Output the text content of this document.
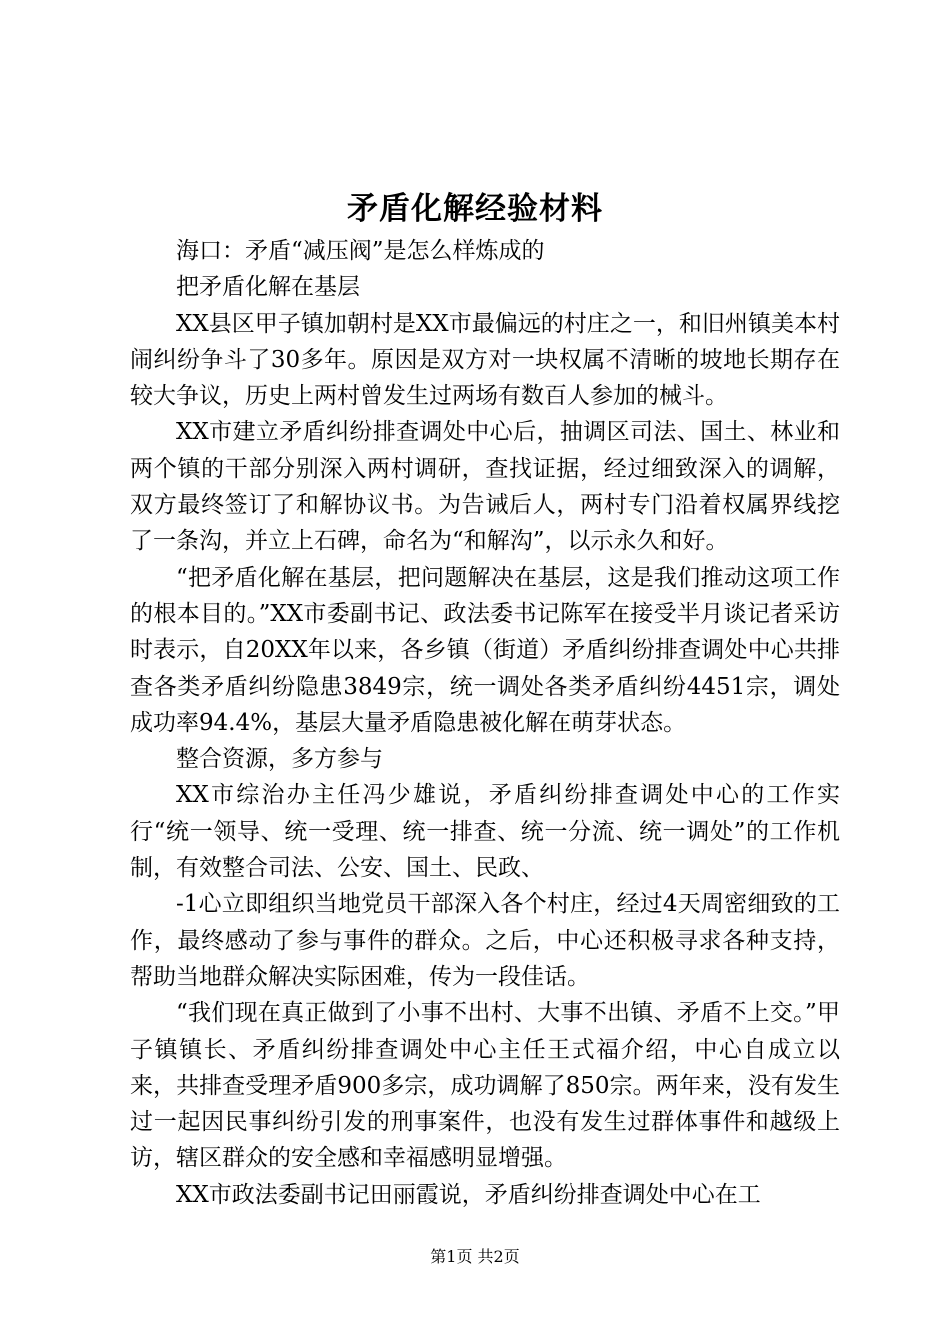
矛盾化解经验材料

海口：矛盾“减压阀”是怎么样炼成的

把矛盾化解在基层

XX县区甲子镇加朝村是XX市最偏远的村庄之一，和旧州镇美本村闹纠纷争斗了30多年。原因是双方对一块权属不清晰的坡地长期存在较大争议，历史上两村曾发生过两场有数百人参加的械斗。

XX市建立矛盾纠纷排查调处中心后，抽调区司法、国土、林业和两个镇的干部分别深入两村调研，查找证据，经过细致深入的调解，双方最终签订了和解协议书。为告诫后人，两村专门沿着权属界线挖了一条沟，并立上石碑，命名为“和解沟”，以示永久和好。

“把矛盾化解在基层，把问题解决在基层，这是我们推动这项工作的根本目的。”XX市委副书记、政法委书记陈军在接受半月谈记者采访时表示，自20XX年以来，各乡镇（街道）矛盾纠纷排查调处中心共排查各类矛盾纠纷隐患3849宗，统一调处各类矛盾纠纷4451宗，调处成功率94.4%，基层大量矛盾隐患被化解在萌芽状态。

整合资源，多方参与

XX市综治办主任冯少雄说，矛盾纠纷排查调处中心的工作实行“统一领导、统一受理、统一排查、统一分流、统一调处”的工作机制，有效整合司法、公安、国土、民政、

-1心立即组织当地党员干部深入各个村庄，经过4天周密细致的工作，最终感动了参与事件的群众。之后，中心还积极寻求各种支持，帮助当地群众解决实际困难，传为一段佳话。

“我们现在真正做到了小事不出村、大事不出镇、矛盾不上交。”甲子镇镇长、矛盾纠纷排查调处中心主任王式福介绍，中心自成立以来，共排查受理矛盾900多宗，成功调解了850宗。两年来，没有发生过一起因民事纠纷引发的刑事案件，也没有发生过群体事件和越级上访，辖区群众的安全感和幸福感明显增强。

XX市政法委副书记田丽霞说，矛盾纠纷排查调处中心在工

第1页 共2页
